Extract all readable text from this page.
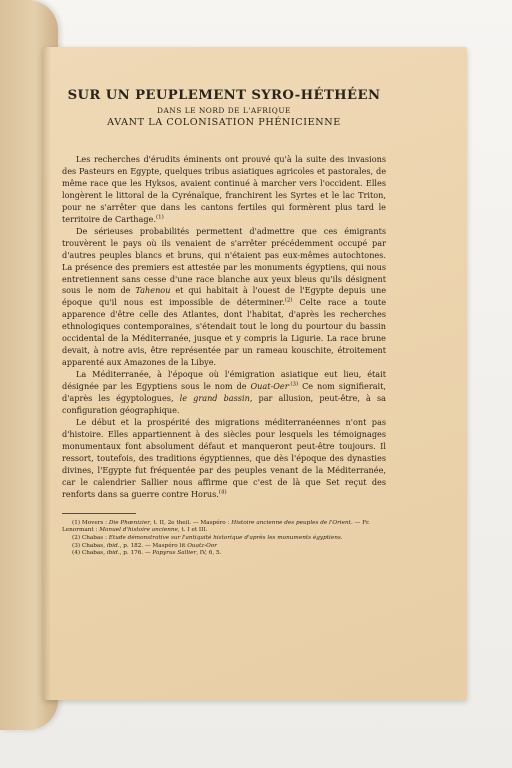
SUR UN PEUPLEMENT SYRO-HÉTHÉEN
DANS LE NORD DE L'AFRIQUE
AVANT LA COLONISATION PHÉNICIENNE

Les recherches d'érudits éminents ont prouvé qu'à la suite des invasions des Pasteurs en Egypte, quelques tribus asiatiques agricoles et pastorales, de même race que les Hyksos, avaient continué à marcher vers l'occident. Elles longèrent le littoral de la Cyrénaïque, franchirent les Syrtes et le lac Triton, pour ne s'arrêter que dans les cantons fertiles qui formèrent plus tard le territoire de Carthage.$^{(1)}$

De sérieuses probabilités permettent d'admettre que ces émigrants trouvèrent le pays où ils venaient de s'arrêter précédemment occupé par d'autres peuples blancs et bruns, qui n'étaient pas eux-mêmes autochtones. La présence des premiers est attestée par les monuments égyptiens, qui nous entretiennent sans cesse d'une race blanche aux yeux bleus qu'ils désignent sous le nom de Tahenou et qui habitait à l'ouest de l'Egypte depuis une époque qu'il nous est impossible de déterminer.$^{(2)}$ Celte race a toute apparence d'être celle des Atlantes, dont l'habitat, d'après les recherches ethnologiques contemporaines, s'étendait tout le long du pourtour du bassin occidental de la Méditerranée, jusque et y compris la Ligurie. La race brune devait, à notre avis, être représentée par un rameau kouschite, étroitement apparenté aux Amazones de la Libye.

La Méditerranée, à l'époque où l'émigration asiatique eut lieu, était désignée par les Egyptiens sous le nom de Ouat-Oer$^{.(3)}$ Ce nom signifierait, d'après les égyptologues, le grand bassin, par allusion, peut-être, à sa configuration géographique.

Le début et la prospérité des migrations méditerranéennes n'ont pas d'histoire. Elles appartiennent à des siècles pour lesquels les témoignages monumentaux font absolument défaut et manqueront peut-être toujours. Il ressort, toutefois, des traditions égyptiennes, que dès l'époque des dynasties divines, l'Egypte fut fréquentée par des peuples venant de la Méditerranée, car le calendrier Sallier nous affirme que c'est de là que Set reçut des renforts dans sa guerre contre Horus.$^{(4)}$

(1) Movers : Die Phœnizier, t. II, 2e theil. — Maspéro : Histoire ancienne des peuples de l'Orient. — Fr. Lenormant : Manuel d'histoire ancienne, t. I et III.
(2) Chabas : Etude démonstrative sur l'antiquité historique d'après les monuments égyptiens.
(3) Chabas, ibid., p. 182. — Maspéro lit Ouatz-Oor
(4) Chabas, ibid., p. 176. — Papyrus Sallier, IV, 6, 5.
